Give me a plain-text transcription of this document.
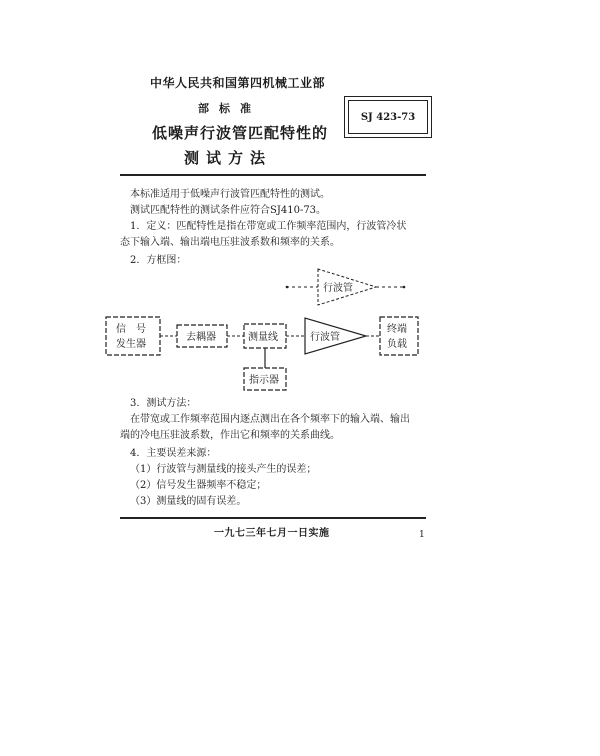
中华人民共和国第四机械工业部
部标准
低噪声行波管匹配特性的
测试方法
SJ 423-73
本标准适用于低噪声行波管匹配特性的测试。
测试匹配特性的测试条件应符合SJ410-73。
1．定义：匹配特性是指在带宽或工作频率范围内，行波管冷状
态下输入端、输出端电压驻波系数和频率的关系。
2．方框图：
行波管
信　号
发生器
去耦器	测量线	行波管
终端
负载
指示器
3．测试方法：
在带宽或工作频率范围内逐点测出在各个频率下的输入端、输出
端的冷电压驻波系数，作出它和频率的关系曲线。
4．主要误差来源：
（1）行波管与测量线的接头产生的误差；
（2）信号发生器频率不稳定；
（3）测量线的固有误差。
一九七三年七月一日实施	1
